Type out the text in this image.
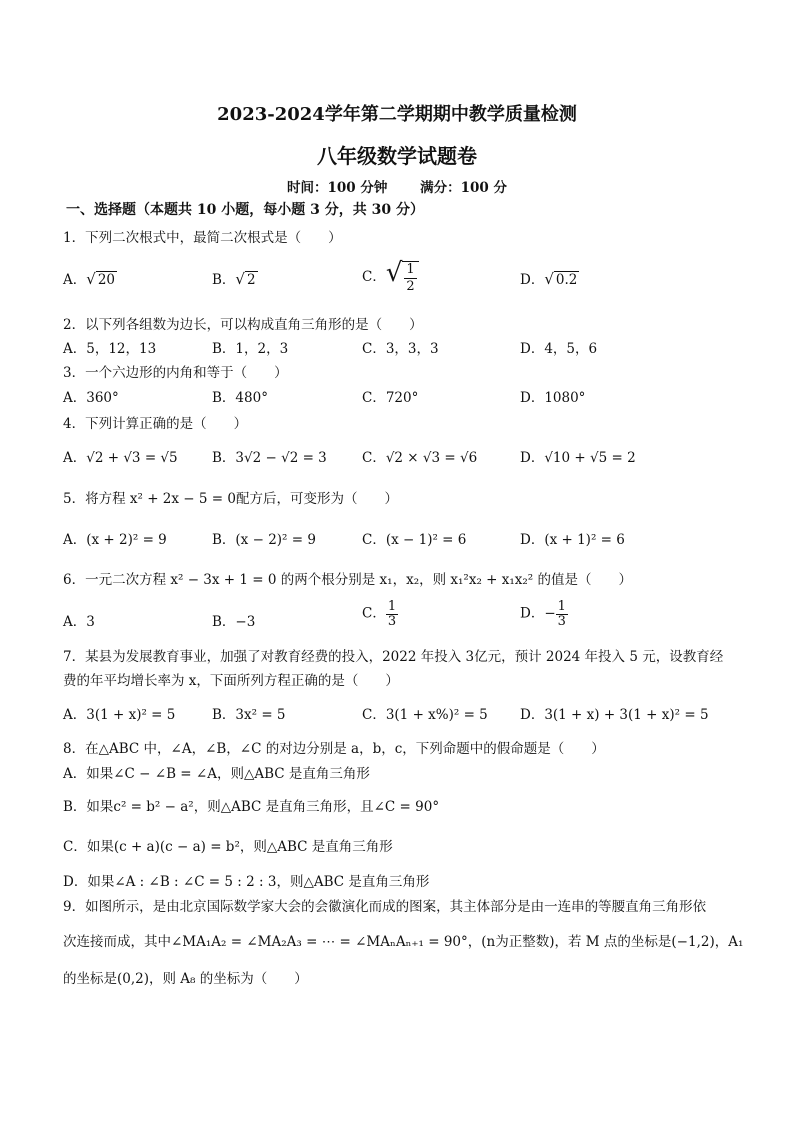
2023-2024学年第二学期期中教学质量检测
八年级数学试题卷
时间：100 分钟 满分：100 分
一、选择题（本题共 10 小题，每小题 3 分，共 30 分）
1．下列二次根式中，最简二次根式是（　　）
A．√ 20	B．√ 2	C．√ $\frac{1}{2}$	D．√ 0.2
2．以下列各组数为边长，可以构成直角三角形的是（　　）
A．5，12，13	B．1，2，3	C．3，3，3	D．4，5，6
3．一个六边形的内角和等于（　　）
A．360°	B．480°	C．720°	D．1080°
4．下列计算正确的是（　　）
A．√2 + √3 = √5	B．3√2 − √2 = 3	C．√2 × √3 = √6	D．√10 + √5 = 2
5．将方程 x² + 2x − 5 = 0配方后，可变形为（　　）
A．(x + 2)² = 9	B．(x − 2)² = 9	C．(x − 1)² = 6	D．(x + 1)² = 6
6．一元二次方程 x² − 3x + 1 = 0 的两个根分别是 x₁，x₂，则 x₁²x₂ + x₁x₂² 的值是（　　）
A．3	B．−3
C． $\frac{1}{3}$	D．− $\frac{1}{3}$
7．某县为发展教育事业，加强了对教育经费的投入，2022 年投入 3亿元，预计 2024 年投入 5 元，设教育经
费的年平均增长率为 x，下面所列方程正确的是（　　）
A．3(1 + x)² = 5	B．3x² = 5	C．3(1 + x%)² = 5 D．3(1 + x) + 3(1 + x)² = 5
8．在△ABC 中，∠A，∠B，∠C 的对边分别是 a，b，c，下列命题中的假命题是（　　）
A．如果∠C − ∠B = ∠A，则△ABC 是直角三角形
B．如果c² = b² − a²，则△ABC 是直角三角形，且∠C = 90°
C．如果(c + a)(c − a) = b²，则△ABC 是直角三角形
D．如果∠A : ∠B : ∠C = 5 : 2 : 3，则△ABC 是直角三角形
9．如图所示，是由北京国际数学家大会的会徽演化而成的图案，其主体部分是由一连串的等腰直角三角形依
次连接而成，其中∠MA₁A₂ = ∠MA₂A₃ = ⋯ = ∠MAₙAₙ₊₁ = 90°，(n为正整数)，若 M 点的坐标是(−1,2)，A₁
的坐标是(0,2)，则 A₈ 的坐标为（　　）
